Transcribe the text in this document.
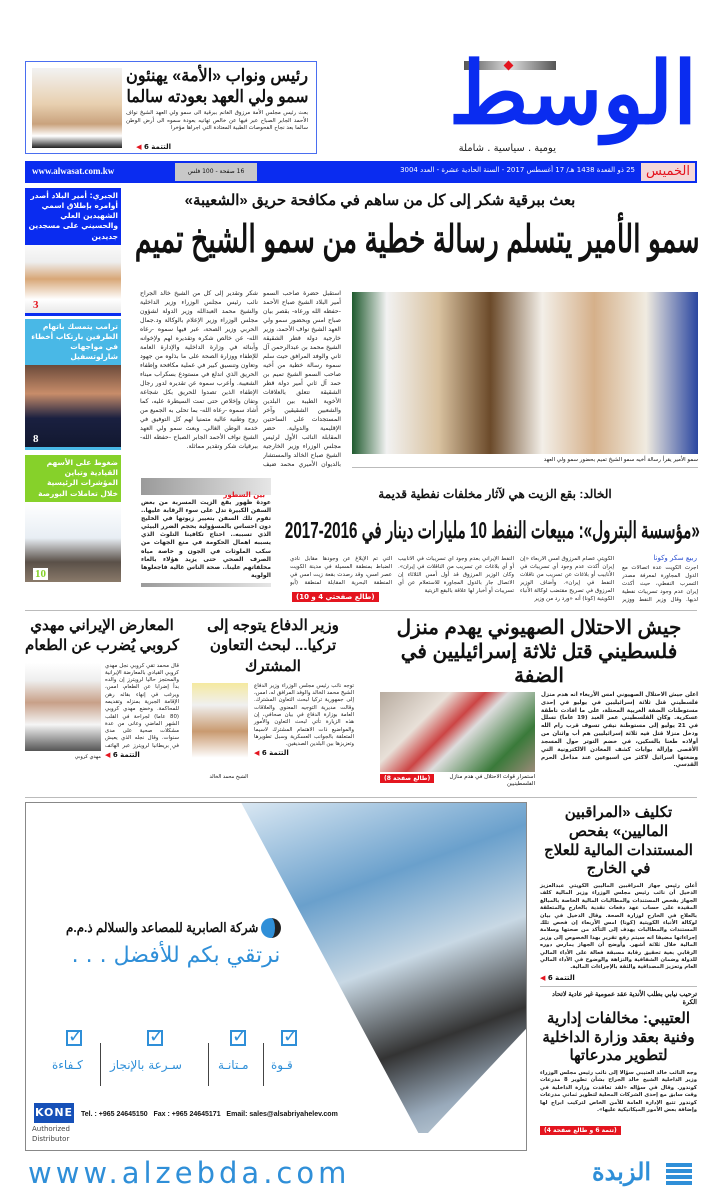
رئيس ونواب «الأمة» يهنئون
سمو ولي العهد بعودته سالما
بعث رئيس مجلس الأمة مرزوق الغانم ببرقية الى سمو ولي العهد الشيخ نواف الأحمد الجابر الصباح عبر فيها عن خالص تهانيه بعودة سموه الى أرض الوطن سالما بعد نجاح الفحوصات الطبية المعتادة التي اجراها مؤخرا
التتمة 6 ◀
الوسط
يومية . سياسية . شاملة
الخميس
25 ذو القعدة 1438 هـ/ 17 أغسطس 2017 - السنة الحادية عشرة - العدد 3004
16 صفحة - 100 فلس
www.alwasat.com.kw
الجبري: أمير البلاد أصدر أوامره بإطلاق اسمي الشهيدين العلي والحسيني على مسجدين جديدين
3
ترامب يتمسك باتهام الطرفين بارتكاب أخطاء في مواجهات شارلوتسفيل
8
ضغوط على الأسهم القيادية وتباين المؤشرات الرئيسية خلال تعاملات البورصة
10
بعث ببرقية شكر إلى كل من ساهم في مكافحة حريق «الشعيبة»
سمو الأمير يتسلم رسالة خطية من سمو الشيخ تميم
استقبل حضرة صاحب السمو أمير البلاد الشيخ صباح الأحمد -حفظه الله ورعاه- بقصر بيان صباح امس وبحضور سمو ولي العهد الشيخ نواف الأحمد، وزير خارجية دولة قطر الشقيقة الشيخ محمد بن عبدالرحمن آل ثاني والوفد المرافق حيث سلم سموه رسالة خطية من أخيه صاحب السمو الشيخ تميم بن حمد آل ثاني أمير دولة قطر الشقيقة تتعلق بالعلاقات الأخوية الطيبة بين البلدين والشعبين الشقيقين وآخر المستجدات على الساحتين الإقليمية والدولية. حضر المقابلة النائب الأول لرئيس مجلس الوزراء وزير الخارجية الشيخ صباح الخالد والمستشار بالديوان الأميري محمد ضيف
شكر وتقدير إلى كل من الشيخ خالد الجراح نائب رئيس مجلس الوزراء وزير الداخلية والشيخ محمد العبدالله وزير الدولة لشؤون مجلس الوزراء وزير الإعلام بالوكالة ود.جمال الحربي وزير الصحة، عبر فيها سموه -رعاه الله- عن خالص شكره وتقديره لهم ولإخوانه وأبنائه في وزارة الداخلية والإدارة العامة للإطفاء ووزارة الصحة على ما بذلوه من جهود وتعاون وتنسيق كبير في عملية مكافحة وإطفاء الحريق الذي اندلع في مستودع بسكراب ميناء الشعيبة. وأعرب سموه عن تقديره لدور رجال الإطفاء الذين تصدوا للحريق بكل شجاعة وتفان وإخلاص حتى تمت السيطرة عليه، كما أشاد سموه -رعاه الله- بما تحلى به الجميع من روح وطنية عالية متمنيا لهم كل التوفيق في خدمة الوطن الغالي. وبعث سمو ولي العهد الشيخ نواف الأحمد الجابر الصباح -حفظه الله- ببرقيات شكر وتقدير مماثلة.
سمو الأمير يقرأ رسالة أخيه سمو الشيخ تميم بحضور سمو ولي العهد
بين السطور
عودة ظهور بقع الزيت المسربة من بعض السفن الكبيرة تدل على سوء الرقابة عليها.. تقوم تلك السفن بتغيير زيوتها في الخليج دون احساس بالمسؤولية بحجم الضرر البيئي الذي تسببه.. احتاج تكافينا التلوث الذي يسببه اهمال الحكومة في منع الجهات من سكب الملوثات في الجون و خاصة مياه الصرف الصحي حتى يزيد هؤلاء بالغاء مخلفاتهم علينا.. صحة الناس غالية فاجعلوها الولوية
الخالد: بقع الزيت هي لآثار مخلفات نفطية قديمة
«مؤسسة البترول»: مبيعات النفط 10 مليارات دينار في 2016-2017
ربيع سكر وكونا
اجرت الكويت عدة اتصالات مع الدول المجاورة لمعرفة مصدر التسرب النفطي، حيث أكدت إيران عدم وجود تسريبات نفطية لديها. وقال وزير النفط ووزير
الكويتي عصام المرزوق امس الأربعاء «إن إيران أكدت عدم وجود أي تسريبات في الأنابيب أو بلاغات عن تسريب من ناقلات النفط في إيران». وأضاف الوزير المرزوق في تصريح مقتضب لوكالة الأنباء الكويتية (كونا) أنه «ورد رد من وزير
النفط الإيراني بعدم وجود أي تسريبات في الأنابيب أو أي بلاغات عن تسريب من الناقلات في إيران». وكان الوزير المرزوق قد أول أمس الثلاثاء إن الاتصال جار بالدول المجاورة للاستعلام عن أي تسريبات أو أخبار لها علاقة بالبقع الزيتية
التي تم الإبلاغ عن وجودها مقابل نادي الضباط بمنطقة المسيلة في مدينة الكويت عصر امس، وقد رصدت بقعة زيت امس في المنطقة البحرية المقابلة لمنطقة (أبو
(طالع صفحتي 4 و 10)
جيش الاحتلال الصهيوني يهدم منزل فلسطيني قتل ثلاثة إسرائيليين في الضفة
(طالع صفحة 8)	استمرار قوات الاحتلال في هدم منازل الفلسطينيين
اعلن جيش الاحتلال الصهيوني امس الأربعاء انه هدم منزل فلسطيني قتل ثلاثة إسرائيليين في يوليو في إحدى مستوطنات الضفة الغربية المحتلة، على ما افادت ناطقة عسكرية. وكان الفلسطيني عمر العبد (19 عاما) تسلل في 21 يوليو إلى مستوطنة نيفي تسوف قرب رام الله ودخل منزلا قتل فيه ثلاثة إسرائيليين هم أب واثنان من أولاده طعنا بالسكين، في خضم التوتر حول المسجد الأقصى وإزالة بوابات كشف المعادن الالكترونية التي وضعتها اسرائيل لاكثر من اسبوعين عند مداخل الحرم القدسي.
وزير الدفاع يتوجه إلى تركيا... لبحث التعاون المشترك
الشيخ محمد الخالد
توجه نائب رئيس مجلس الوزراء وزير الدفاع الشيخ محمد الخالد والوفد المرافق له، امس، إلى جمهورية تركيا لبحث التعاون المشترك. وقالت مديرية التوجيه المعنوي والعلاقات العامة بوزارة الدفاع في بيان صحافي، إن هذه الزيارة تأتي لبحث التعاون والأمور والمواضيع ذات الاهتمام المشترك لاسيما المتعلقة بالجوانب العسكرية وسبل تطويرها وتعزيزها بين البلدين الصديقين.
◀ التتمة 6
المعارض الإيراني مهدي كروبي يُضرب عن الطعام
مهدي كروبي
قال محمد تقي كروبي نجل مهدي كروبي القيادي بالمعارضة الإيرانية والمحتجز حاليا لرويترز إن والده بدأ إضرابا عن الطعام، امس، ويرغب في إنهاء بقائه رهن الإقامة الجبرية بمنزله وتقديمه للمحاكمة. وخضع مهدي كروبي (80 عاما) لجراحة في القلب الشهر الماضي وعانى من عدة مشكلات صحية على مدى سنوات. وقال نجله الذي يعيش في بريطانيا لرويترز عبر الهاتف
◀ التتمة 6
شركة الصابرية للمصاعد والسلالم ذ.م.م
نرتقي بكم للأفضل . . .
✓
✓
✓
✓
قـوة
مـتانـة
سـرعة بالإنجاز
كـفاءة
KONE
Authorized
Distributor
Tel. : +965 24645150   Fax : +965 24645171   Email: sales@alsabriyahelev.com
تكليف «المراقبين الماليين» بفحص المستندات المالية للعلاج في الخارج
أعلن رئيس جهاز المراقبين الماليين الكويتي عبدالعزيز الدخيل أن نائب رئيس مجلس الوزراء وزير المالية كلف الجهاز بفحص المستندات والمطالبات المالية الخاصة بالمبالغ المقيدة على حساب عهد دفعات نقدية بالخارج والمتعلقة بالعلاج في الخارج لوزارة الصحة. وقال الدخيل في بيان لوكالة الأنباء الكويتية (كونا) امس الأربعاء إن فحص تلك المستندات والمطالبات يهدف إلى التأكد من صحتها وسلامة إجراءاتها مضيفا انه سيتم رفع تقرير بهذا الخصوص إلى وزير المالية خلال ثلاثة أشهر. وأوضح أن الجهاز يمارس دوره الرقابي بغية تحقيق رقابة مسبقة فعالة على الأداء المالي للدولة وضمان الشفافية والنزاهة والوضوح في الأداء المالي العام وتعزيز المصداقية والثقة بالإجراءات المالية.
◀ التتمة 6
ترحيب نيابي بطلب الأندية عقد عمومية غير عادية لاتحاد الكرة
العتيبي: مخالفات إدارية وفنية بعقد وزارة الداخلية لتطوير مدرعاتها
وجه النائب خالد العتيبي سؤالا إلى نائب رئيس مجلس الوزراء وزير الداخلية الشيخ خالد الجراح بشأن تطوير 8 مدرعات كوندور. وقال في سؤاله «لقد تعاقدت وزارة الداخلية في وقت سابق مع إحدى الشركات المحلية لتطوير ثماني مدرعات كوندور تتبع الإدارة العامة للأمن الخاص لتركيب ابراج لها وإضافة بعض الأمور الميكانيكية عليها».
(تتمة 6 و طالع صفحة 4)
www.alzebda.com	الزبدة
